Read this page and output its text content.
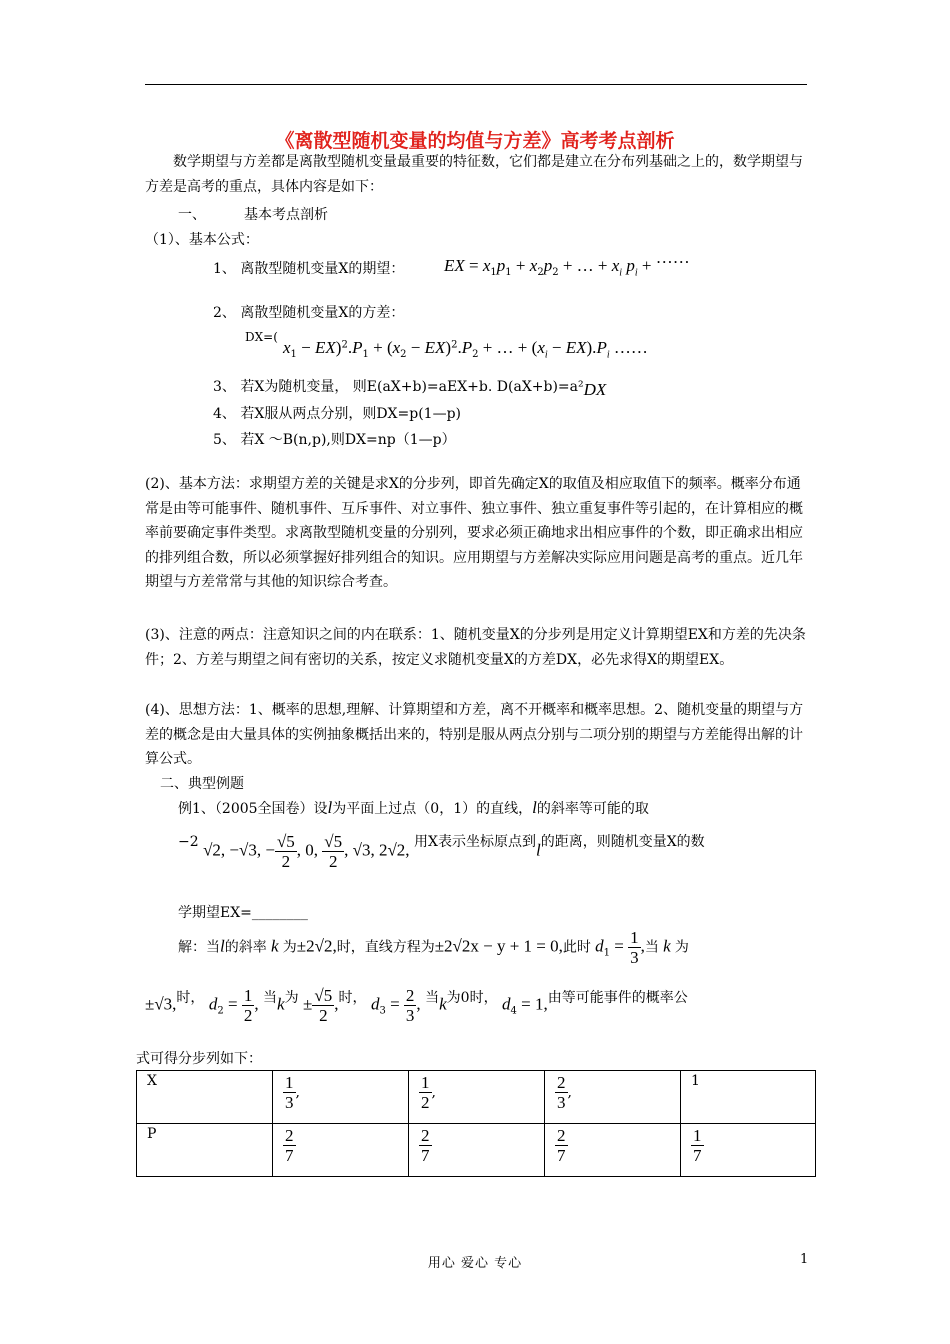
《离散型随机变量的均值与方差》高考考点剖析
数学期望与方差都是离散型随机变量最重要的特征数，它们都是建立在分布列基础之上的，数学期望与方差是高考的重点，具体内容是如下：
一、	基本考点剖析
（1）、基本公式：
1、 离散型随机变量X的期望： EX = $x_1p_1 + x_2p_2$ + … + $x_i$ $p_i$ + ……
2、 离散型随机变量X的方差：
DX=(
$x_1 - EX)^2.P_1 + (x_2 - EX)^2.P_2$ + … + $(x_i - EX).P_i$ ……
3、 若X为随机变量， 则E(aX+b)=aEX+b. D(aX+b)=a²DX
4、 若X服从两点分别，则DX=p(1—p)
5、 若X ～B(n,p),则DX=np（1—p）
(2)、基本方法：求期望方差的关键是求X的分步列，即首先确定X的取值及相应取值下的频率。概率分布通常是由等可能事件、随机事件、互斥事件、对立事件、独立事件、独立重复事件等引起的，在计算相应的概率前要确定事件类型。求离散型随机变量的分别列，要求必须正确地求出相应事件的个数，即正确求出相应的排列组合数，所以必须掌握好排列组合的知识。应用期望与方差解决实际应用问题是高考的重点。近几年期望与方差常常与其他的知识综合考查。
(3)、注意的两点：注意知识之间的内在联系：1、随机变量X的分步列是用定义计算期望EX和方差的先决条件；2、方差与期望之间有密切的关系，按定义求随机变量X的方差DX，必先求得X的期望EX。
(4)、思想方法：1、概率的思想,理解、计算期望和方差，离不开概率和概率思想。2、随机变量的期望与方差的概念是由大量具体的实例抽象概括出来的，特别是服从两点分别与二项分别的期望与方差能得出解的计算公式。
二、典型例题
例1、（2005全国卷）设l为平面上过点（0，1）的直线，l的斜率等可能的取
−2 √2, −√3, − $\frac{√5}{2}$ , 0, $\frac{√5}{2}$ , √3, 2√2, 用X表示坐标原点到l的距离，则随机变量X的数
学期望EX=________
解：当l的斜率 k 为±2√2,时，直线方程为±2√2x − y + 1 = 0,此时 $d_1 = \frac{1}{3}$ ,当 k 为
±√3,时， $d_2 = \frac{1}{2}$ , 当k为 ± $\frac{√5}{2}$ ,时， $d_3 = \frac{2}{3}$ , 当k为0时， $d_4 = 1$,由等可能事件的概率公
式可得分步列如下：
X	$\frac{1}{3}$ ,	$\frac{1}{2}$ ,	$\frac{2}{3}$ ,	1
P	$\frac{2}{7}$	$\frac{2}{7}$	$\frac{2}{7}$	$\frac{1}{7}$
用心 爱心 专心	1
